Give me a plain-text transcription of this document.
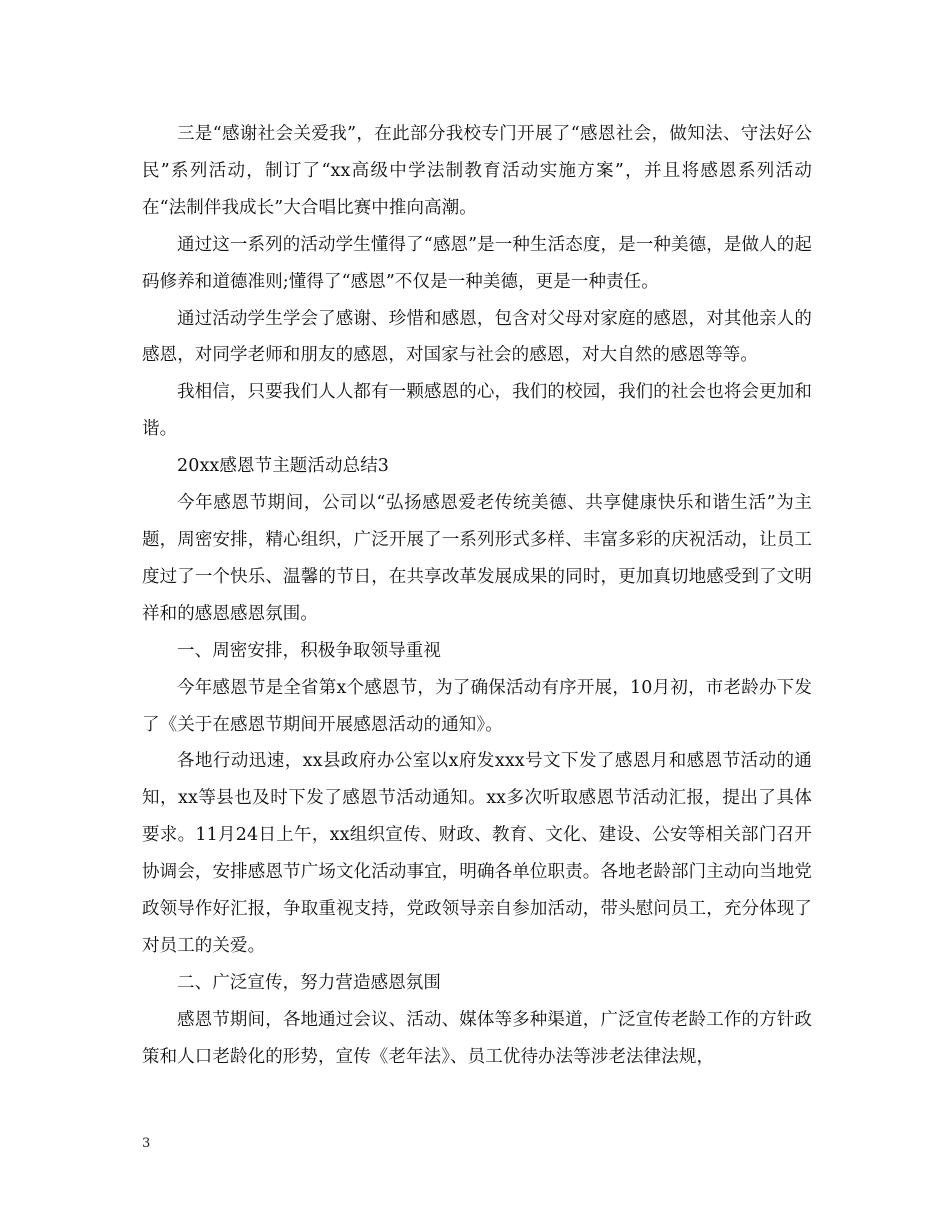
三是“感谢社会关爱我”，在此部分我校专门开展了“感恩社会，做知法、守法好公民”系列活动，制订了“xx高级中学法制教育活动实施方案”，并且将感恩系列活动在“法制伴我成长”大合唱比赛中推向高潮。

通过这一系列的活动学生懂得了“感恩”是一种生活态度，是一种美德，是做人的起码修养和道德准则;懂得了“感恩”不仅是一种美德，更是一种责任。

通过活动学生学会了感谢、珍惜和感恩，包含对父母对家庭的感恩，对其他亲人的感恩，对同学老师和朋友的感恩，对国家与社会的感恩，对大自然的感恩等等。

我相信，只要我们人人都有一颗感恩的心，我们的校园，我们的社会也将会更加和谐。

20xx感恩节主题活动总结3

今年感恩节期间，公司以“弘扬感恩爱老传统美德、共享健康快乐和谐生活”为主题，周密安排，精心组织，广泛开展了一系列形式多样、丰富多彩的庆祝活动，让员工度过了一个快乐、温馨的节日，在共享改革发展成果的同时，更加真切地感受到了文明祥和的感恩感恩氛围。

一、周密安排，积极争取领导重视

今年感恩节是全省第x个感恩节，为了确保活动有序开展，10月初，市老龄办下发了《关于在感恩节期间开展感恩活动的通知》。

各地行动迅速，xx县政府办公室以x府发xxx号文下发了感恩月和感恩节活动的通知，xx等县也及时下发了感恩节活动通知。xx多次听取感恩节活动汇报，提出了具体要求。11月24日上午，xx组织宣传、财政、教育、文化、建设、公安等相关部门召开协调会，安排感恩节广场文化活动事宜，明确各单位职责。各地老龄部门主动向当地党政领导作好汇报，争取重视支持，党政领导亲自参加活动，带头慰问员工，充分体现了对员工的关爱。

二、广泛宣传，努力营造感恩氛围

感恩节期间，各地通过会议、活动、媒体等多种渠道，广泛宣传老龄工作的方针政策和人口老龄化的形势，宣传《老年法》、员工优待办法等涉老法律法规，

3
